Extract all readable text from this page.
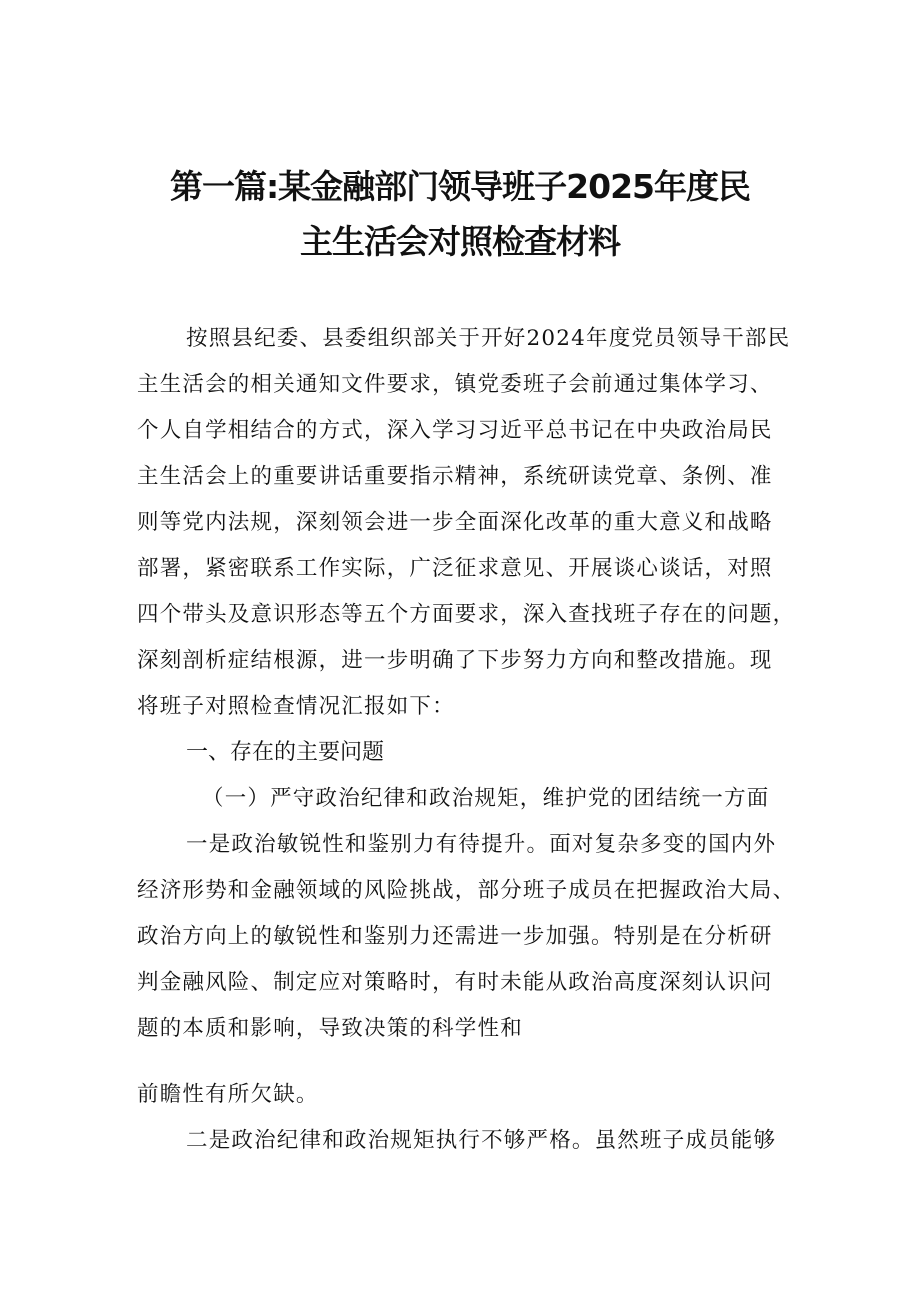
第一篇:某金融部门领导班子2025年度民
主生活会对照检查材料
按照县纪委、县委组织部关于开好2024年度党员领导干部民
主生活会的相关通知文件要求，镇党委班子会前通过集体学习、
个人自学相结合的方式，深入学习习近平总书记在中央政治局民
主生活会上的重要讲话重要指示精神，系统研读党章、条例、准
则等党内法规，深刻领会进一步全面深化改革的重大意义和战略
部署，紧密联系工作实际，广泛征求意见、开展谈心谈话，对照
四个带头及意识形态等五个方面要求，深入查找班子存在的问题，
深刻剖析症结根源，进一步明确了下步努力方向和整改措施。现
将班子对照检查情况汇报如下：
一、存在的主要问题
（一）严守政治纪律和政治规矩，维护党的团结统一方面
一是政治敏锐性和鉴别力有待提升。面对复杂多变的国内外
经济形势和金融领域的风险挑战，部分班子成员在把握政治大局、
政治方向上的敏锐性和鉴别力还需进一步加强。特别是在分析研
判金融风险、制定应对策略时，有时未能从政治高度深刻认识问
题的本质和影响，导致决策的科学性和
前瞻性有所欠缺。
二是政治纪律和政治规矩执行不够严格。虽然班子成员能够
